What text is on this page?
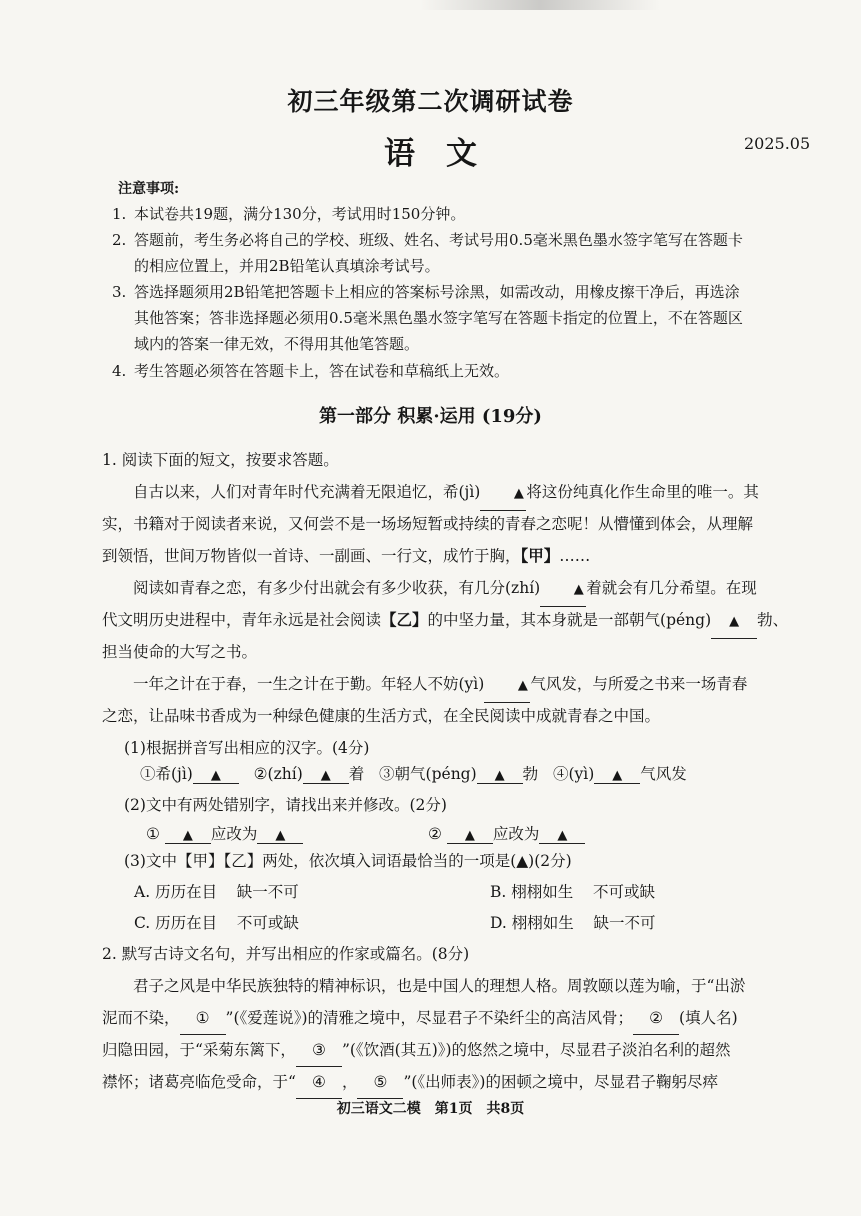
初三年级第二次调研试卷
语　文	2025.05
注意事项:
1. 本试卷共19题，满分130分，考试用时150分钟。
2. 答题前，考生务必将自己的学校、班级、姓名、考试号用0.5毫米黑色墨水签字笔写在答题卡
的相应位置上，并用2B铅笔认真填涂考试号。
3. 答选择题须用2B铅笔把答题卡上相应的答案标号涂黑，如需改动，用橡皮擦干净后，再选涂
其他答案；答非选择题必须用0.5毫米黑色墨水签字笔写在答题卡指定的位置上，不在答题区
域内的答案一律无效，不得用其他笔答题。
4. 考生答题必须答在答题卡上，答在试卷和草稿纸上无效。
第一部分 积累·运用 (19分)
1. 阅读下面的短文，按要求答题。
自古以来，人们对青年时代充满着无限追忆，希(jì)	▲ 将这份纯真化作生命里的唯一。其
实，书籍对于阅读者来说，又何尝不是一场场短暂或持续的青春之恋呢！从懵懂到体会，从理解
到领悟，世间万物皆似一首诗、一副画、一行文，成竹于胸，【甲】……
阅读如青春之恋，有多少付出就会有多少收获，有几分(zhí)	▲ 着就会有几分希望。在现
代文明历史进程中，青年永远是社会阅读【乙】的中坚力量，其本身就是一部朝气(péng) ▲ 勃、
担当使命的大写之书。
一年之计在于春，一生之计在于勤。年轻人不妨(yì)	▲ 气风发，与所爱之书来一场青春
之恋，让品味书香成为一种绿色健康的生活方式，在全民阅读中成就青春之中国。
(1)根据拼音写出相应的汉字。(4分)
①希(jì) ▲ ②(zhí) ▲ 着 ③朝气(péng) ▲ 勃 ④(yì) ▲ 气风发
(2)文中有两处错别字，请找出来并修改。(2分)
① ▲ 应改为 ▲	② ▲ 应改为 ▲
(3)文中【甲】【乙】两处，依次填入词语最恰当的一项是(▲)(2分)
A. 历历在目 缺一不可	B. 栩栩如生 不可或缺
C. 历历在目 不可或缺	D. 栩栩如生 缺一不可
2. 默写古诗文名句，并写出相应的作家或篇名。(8分)
君子之风是中华民族独特的精神标识，也是中国人的理想人格。周敦颐以莲为喻，于“出淤
泥而不染， ① ”(《爱莲说》)的清雅之境中，尽显君子不染纤尘的高洁风骨； ② (填人名)
归隐田园，于“采菊东篱下， ③ ”(《饮酒(其五)》)的悠然之境中，尽显君子淡泊名利的超然
襟怀；诸葛亮临危受命，于“ ④ ， ⑤ ”(《出师表》)的困顿之境中，尽显君子鞠躬尽瘁
初三语文二模　第1页　共8页
